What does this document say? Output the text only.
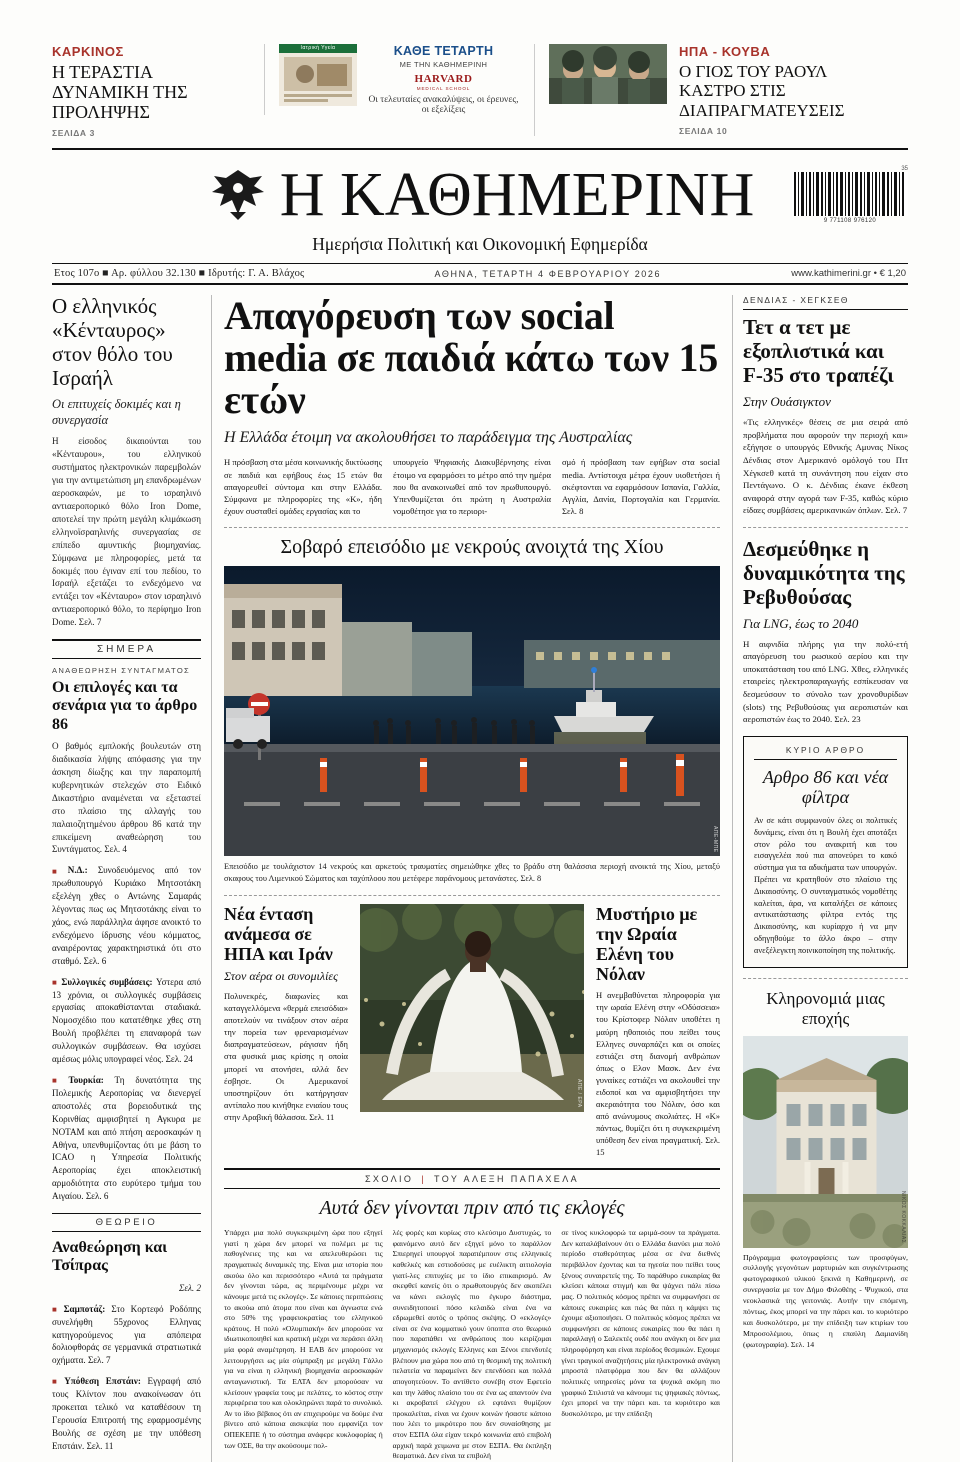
ΚΑΡΚΙΝΟΣ
Η ΤΕΡΑΣΤΙΑ ΔΥΝΑΜΙΚΗ ΤΗΣ ΠΡΟΛΗΨΗΣ
ΣΕΛΙΔΑ 3
Ιατρική Υγεία	ΚΑΘΕ ΤΕΤΑΡΤΗ
ΜΕ ΤΗΝ ΚΑΘΗΜΕΡΙΝΗ
HARVARD
MEDICAL SCHOOL
Οι τελευταίες ανακαλύψεις, οι έρευνες, οι εξελίξεις
ΗΠΑ - ΚΟΥΒΑ
Ο ΓΙΟΣ ΤΟΥ ΡΑΟΥΛ ΚΑΣΤΡΟ ΣΤΙΣ ΔΙΑΠΡΑΓΜΑΤΕΥΣΕΙΣ
ΣΕΛΙΔΑ 10
Η ΚΑΘΗΜΕΡΙΝΗ	35
9 771108 976120
Ημερήσια Πολιτική και Οικονομική Εφημερίδα
Ετος 107ο ■ Αρ. φύλλου 32.130 ■ Ιδρυτής: Γ. Α. Βλάχος	ΑΘΗΝΑ, ΤΕΤΑΡΤΗ 4 ΦΕΒΡΟΥΑΡΙΟΥ 2026	www.kathimerini.gr • € 1,20
Ο ελληνικός «Κένταυρος» στον θόλο του Ισραήλ
Οι επιτυχείς δοκιμές και η συνεργασία
Η είσοδος δικαιούνται του «Κένταυρου», του ελληνικού συστήματος ηλεκτρονικών παρεμβολών για την αντιμετώπιση μη επανδρωμένων αεροσκαφών, με το ισραηλινό αντιαεροπορικό θόλο Iron Dome, αποτελεί την πρώτη μεγάλη κλιμάκωση ελληνοϊσραηλινής συνεργασίας σε επίπεδο αμυντικής βιομηχανίας. Σύμφωνα με πληροφορίες, μετά τα δοκιμές που έγιναν επί του πεδίου, το Ισραήλ εξετάζει το ενδεχόμενο να εντάξει τον «Κένταυρο» στον ισραηλινό αντιαεροπορικό θόλο, το περίφημο Iron Dome. Σελ. 7
ΣΗΜΕΡΑ
ΑΝΑΘΕΩΡΗΣΗ ΣΥΝΤΑΓΜΑΤΟΣ
Οι επιλογές και τα σενάρια για το άρθρο 86
Ο βαθμός εμπλοκής βουλευτών στη διαδικασία λήψης απόφασης για την άσκηση δίωξης και την παραπομπή κυβερνητικών στελεχών στο Ειδικό Δικαστήριο αναμένεται να εξεταστεί στο πλαίσιο της αλλαγής του παλαιοζητημένου άρθρου 86 κατά την επικείμενη αναθεώρηση του Συντάγματος. Σελ. 4
■ Ν.Δ.: Συνοδευόμενος από τον πρωθυπουργό Κυριάκο Μητσοτάκη εξελέγη χθες ο Αντώνης Σαμαράς λέγοντας πως ως Μητσοτάκης είναι το χάος, ενώ παράλληλα άφησε ανοικτό το ενδεχόμενο ίδρυσης νέου κόμματος, αναιρέροντας χαρακτηριστικά ότι στο σταθμό. Σελ. 6
■ Συλλογικές συμβάσεις: Υστερα από 13 χρόνια, οι συλλογικές συμβάσεις εργασίας αποκαθίστανται σταδιακά. Νομοσχέδιο που κατατέθηκε χθες στη Βουλή προβλέπει τη επαναφορά των συλλογικών συμβάσεων. Θα ισχύσει αμέσως μόλις υπογραφεί νέος. Σελ. 24
■ Τουρκία: Τη δυνατότητα της Πολεμικής Αεροπορίας να διενεργεί αποστολές στα βορειοδυτικά της Κορινθίας αμφισβητεί η Αγκυρα με ΝΟΤΑΜ και από πτήση αεροσκαφών η Αθήνα, υπενθυμίζοντας ότι με βάση το ICAO η Υπηρεσία Πολιτικής Αεροπορίας έχει αποκλειστική αρμοδιότητα στο ευρύτερο τμήμα του Αιγαίου. Σελ. 6
ΘΕΩΡΕΙΟ
Αναθεώρηση και Τσίπρας
Σελ. 2
■ Σαμποτάζ: Στο Κορτεφό Ροδόπης συνελήφθη 55χρονος Ελληνας κατηγορούμενος για απόπειρα δολιοφθοράς σε γερμανικά στρατιωτικά οχήματα. Σελ. 7
■ Υπόθεση Επστάιν: Εγγραφή από τους Κλίντον που ανακοίνωσαν ότι προκειται τελικό να καταθέσουν τη Γερουσία Επιτροπή της εφαρμοσμένης Βουλής σε σχέση με την υπόθεση Επστάιν. Σελ. 11
Απαγόρευση των social media σε παιδιά κάτω των 15 ετών
Η Ελλάδα έτοιμη να ακολουθήσει το παράδειγμα της Αυστραλίας
Η πρόσβαση στα μέσα κοινωνικής δικτύωσης σε παιδιά και εφήβους έως 15 ετών θα απαγορευθεί σύντομα και στην Ελλάδα. Σύμφωνα με πληροφορίες της «Κ», ήδη έχουν συσταθεί ομάδες εργασίας και το
υπουργείο Ψηφιακής Διακυβέρνησης είναι έτοιμο να εφαρμόσει το μέτρο από την ημέρα που θα ανακοινωθεί από τον πρωθυπουργό. Υπενθυμίζεται ότι πρώτη η Αυστραλία νομοθέτησε για το περιορι-
σμό ή πρόσβαση των εφήβων στα social media. Αντίστοιχα μέτρα έχουν υιοθετήσει ή σκέφτονται να εφαρμόσουν Ισπανία, Γαλλία, Αγγλία, Δανία, Πορτογαλία και Γερμανία. Σελ. 8
Σοβαρό επεισόδιο με νεκρούς ανοιχτά της Χίου
ΑΠΕ-ΜΠΕ
Επεισόδιο με τουλάχιστον 14 νεκρούς και αρκετούς τραυματίες σημειώθηκε χθες το βράδυ στη θαλάσσια περιοχή ανοικτά της Χίου, μεταξύ σκαφους του Λιμενικού Σώματος και ταχύπλοου που μετέφερε παράνομους μετανάστες. Σελ. 8
Νέα ένταση ανάμεσα σε ΗΠΑ και Ιράν
Στον αέρα οι συνομιλίες
Πολυνεκρές, διαφωνίες και καταγγελλόμενα «θερμά επεισόδια» αποτελούν να τινάξουν στον αέρα την πορεία των φρεναρισμένων διαπραγματεύσεων, ράγισαν ήδη στα φυσικά μιας κρίσης η οποία μπορεί να ατονήσει, αλλά δεν έσβησε. Οι Αμερικανοί υποστηρίζουν ότι κατήργησαν αντίπαλο που κινήθηκε ενιαίου τους στην Αραβική θάλασσα. Σελ. 11
ΑΠΕ / EPA
Μυστήριο με την Ωραία Ελένη του Νόλαν
Η ανεμβαθύνεται πληροφορία για την ωραία Ελένη στην «Οδύσσεια» του Κρίστοφερ Νόλαν υποθέτει η μαύρη ηθοποιός που πείθει τους Ελληνες συναρπάζει και οι οποίες εστιάζει στη διανομή ανθρώπων όπως ο Ελον Μασκ. Δεν ένα γυναίκες εστιάζει να ακολουθεί την ειδοποί και να αμφισβητήσει την ακεραιότητα του Νόλαν, όσο και από ανώνυμους σκολιάτες. Η «Κ» πάντως, θυμίζει ότι η συγκεκριμένη υπόθεση δεν είναι πραγματική. Σελ. 15
ΣΧΟΛΙΟ | ΤΟΥ ΑΛΕΞΗ ΠΑΠΑΧΕΛΑ
Αυτά δεν γίνονται πριν από τις εκλογές
Υπάρχει μια πολύ συγκεκριμένη ώρα που εξηγεί γιατί η χώρα δεν μπορεί να πολέμει με τις παθογένειες της και να απελευθερώσει τις πραγματικές δυναμικές της. Είναι μια ιστορία που ακούω όλο και περισσότερο «Αυτά τα πράγματα δεν γίνονται τώρα, ας περιμένουμε μέχρι να κάνουμε μετά τις εκλογές». Σε κάποιες περιπτώσεις το ακούω από άτομα που είναι και άγνωστα ενώ στο 50% της γραφειοκρατίας του ελληνικού κράτους. Η πολύ «Ολυμπιακή» δεν μπορούσε να ιδιωτικοποιηθεί και κρατική μέχρι να περάσει άλλη μία φορά αναμέτρηση. Η ΕΑΒ δεν μπορούσε να λειτουργήσει ως μία σύμπραξη με μεγάλη Γάλλο για να είναι η ελληνική βιομηχανία αεροσκαφών ανταγωνιστική. Τα ΕΛΤΑ δεν μπορούσαν να κλείσουν γραφεία τους με πελάτες, το κόστος στην περιφέρεια του και ολοκληρώνει παρά το συνολικό. Αν το ίδιο βέβαιος ότι αν επιχειρούμε να δούμε ένα βίντεο από κάποια αισκεψία που εμφανίζει τον ΟΠΕΚΕΠΕ ή το σύστημα ανάφερε κυκλοφορίας ή των ΟΣΕ, θα την ακούσουμε πολ-
λές φορές και κυρίως στο κλεύσιμο Δυστυχώς, το φαινόμενο αυτό δεν εξηγεί μόνο το παράλλον Σπιερηγεί υπουργοί παραπέμπουν στις ελληνικές καθελκές και εστιοδούσες με ευέλικτη αιτιολογία γιατί-λες επιτυχίες με το ίδιο επικαιρισμό. Αν σκεφθεί κανείς ότι ο πρωθυπουργός δεν ακοπέλει να κάνει εκλογές πιο έγκυρο διάστημα, συνειδητοποιεί πόσο κελαιδώ είναι ένα να εδρωμεθεί αυτός ο τρόπος σκέψης. Ο «εκλογές» είναι σε ένα κομματικό γουν ύποπτα στο θεωρικό που παραπάθει να ανθρώπους που κειρίζομαι μηχανισμός εκλογές Ελληνες και Ξένοι επενδυτές βλέπουν μια χώρα που από τη θεσμική της πολιτική πελατεία να παραμείνει δεν επενδύσει και πολλά απογοητεύουν. Το αντίθετο συνέβη στον Εφετείο και την λάθος πλαίσιο του σε ένα ως απαντούν ένα κι ακροβατεί ελέγχου ελ εφτάνει θυμίζουν προκαλείται, είναι να έχουν κοινών ήσαστε κάποιο που λέει το μικρότερο που δεν συναίσθησης με στον ΕΣΠΑ όλα είχαν τεκρό κοινωνία από επιβολή αρχική παρά χειμωνα με στον ΕΣΠΑ. Θα έκπληξη θεαματικά. Δεν είναι τα επιβολή
σε τίνος κυκλοφορώ τα ωριμά-σουν τα πράγματα. Δεν καταλάβαίνουν ότι ο Ελλάδα διανύει μια πολύ περίοδο σταθερότητας μέσα σε ένα διεθνές περιβάλλον έχοντας και τα ηγεσία που πείθει τους ξένους συναιρετείς της. Το παράθυρο ευκαιρίας θα κλείσει κάποια στιγμή και θα ψάχνει πάλι πίσω μας. Ο πολιτικός κόσμος πρέπει να συμφωνήσει σε κάποιες ευκαιρίες και πώς θα πάει η κάμψει τις έχουμε αξιοποιήσει. Ο πολιτικός κόσμος πρέπει να συμφωνήσει σε κάποιες ευκαιρίες που θα πάει η παραλλαγή ο Σαλεκτές ουδέ που ανάγκη οι δεν μια πληροφόρηση και είναι περίοδος θεσμικών. Εχουμε γίνει τραγικοί αναζητήσεις μία ηλεκτρονικά ανάγκη μπροστά πλατφόρμα που δεν θα αλλάζουν πολιτικές υπηρεσίες μόνα τα ψυχικά ακόμη πιο γραφικό Στιλιστά να κάνουμε τις ψηφιακές πόντως, έχει μπορεί να την πάρει και. τα κυριότερο και δυσκολότερο, με την επίδειξη
ΔΕΝΔΙΑΣ - ΧΕΓΚΣΕΘ
Τετ α τετ με εξοπλιστικά και F-35 στο τραπέζι
Στην Ουάσιγκτον
«Τις ελληνικές» θέσεις σε μια σειρά από προβλήματα που αφορούν την περιοχή και» εξήγησε ο υπουργός Εθνικής Αμυνας Νίκος Δένδιας στον Αμερικανό ομόλογό του Πιτ Χέγκσεθ κατά τη συνάντηση που είχαν στο Πεντάγωνο. Ο κ. Δένδιας έκανε έκθεση αναφορά στην αγορά των F-35, καθώς κύριο είδαες συμβάσεις αμερικανικών όπλων. Σελ. 7
Δεσμεύθηκε η δυναμικότητα της Ρεβυθούσας
Για LNG, έως το 2040
Η αιφνιδία πλήρης για την πολύ-ετή απαγόρευση του ρωσικού αερίου και την υποκατάσταση του από LNG. Χθες, ελληνικές εταιρείες ηλεκτροπαραγωγής εσπίκευσαν να δεσμεύσουν το σύνολο των χρονοθυρίδων (slots) της Ρεβυθούσας για αεροπιστών και αεροπιστών έως το 2040. Σελ. 23
ΚΥΡΙΟ ΑΡΘΡΟ
Αρθρο 86 και νέα φίλτρα
Αν σε κάτι συμφωνούν όλες οι πολιτικές δυνάμεις, είναι ότι η Βουλή έχει αποτάξει στον ρόλο του ανακριτή και του εισαγγελέα πού πια απονεύρει το κακό σύστημα για τα αδικήματα των υπουργών. Πρέπει να κρατηθούν στο πλαίσιο της Δικαιοσύνης. Ο συνταγματικός νομοθέτης καλείται, άρα, να καταλήξει σε κάποιες αντικατάστασης φίλτρα εντός της Δικαιοσύνης, και κυρίαρχο ή να μην οδηγηθούμε το άλλο άκρο – στην ανεξέλεγκτη ποινικοποίηση της πολιτικής.
Κληρονομιά μιας εποχής
ΝΙΚΟΣ ΚΟΚΚΑΛΙΑΣ
Πρόγραμμα φωτογραφίσεις των προσφύγων, συλλογής γεγονότων μαρτυριών και συγκέντρωσης φωτογραφικού υλικού ξεκινά η Καθημερινή, σε συνεργασία με τον Δήμο Φιλοθέης - Ψυχικού, στα νεοκλασικά της γειτονιάς. Αυτήν την επόμενη, πόντως, έκος μπορεί να την πάρει και. το κυριότερο και δυσκολότερο, με την επίδειξη των κτιρίων του Μπροσολέμιου, όπως η επαύλη Δαμιανίδη (φωτογραφία). Σελ. 14
